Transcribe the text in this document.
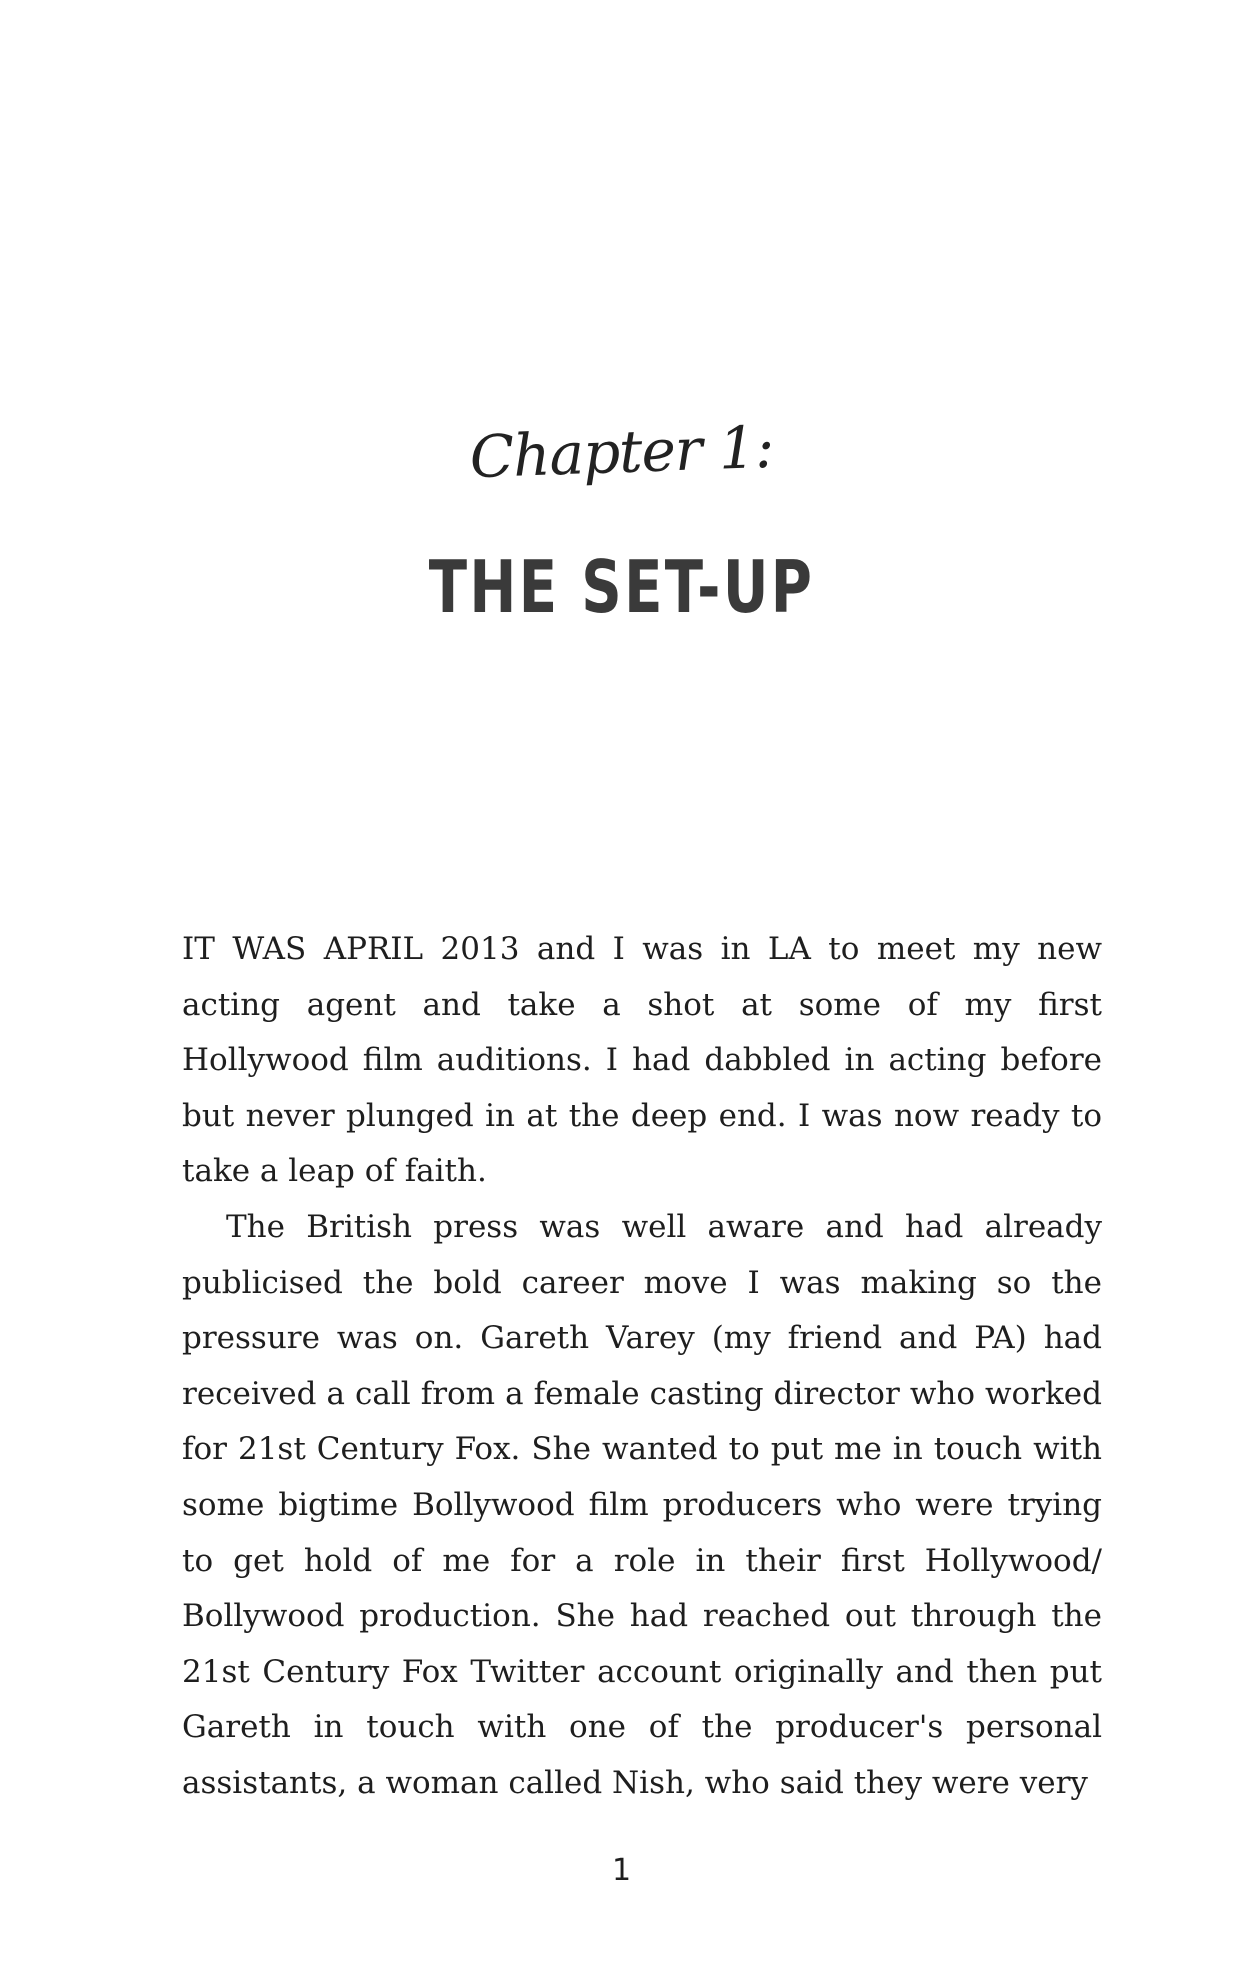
Chapter 1:
THE SET-UP

IT WAS APRIL 2013 and I was in LA to meet my new acting agent and take a shot at some of my first Hollywood film auditions. I had dabbled in acting before but never plunged in at the deep end. I was now ready to take a leap of faith.

The British press was well aware and had already publicised the bold career move I was making so the pressure was on. Gareth Varey (my friend and PA) had received a call from a female casting director who worked for 21st Century Fox. She wanted to put me in touch with some bigtime Bollywood film producers who were trying to get hold of me for a role in their first Hollywood/ Bollywood production. She had reached out through the 21st Century Fox Twitter account originally and then put Gareth in touch with one of the producer's personal assistants, a woman called Nish, who said they were very

1
